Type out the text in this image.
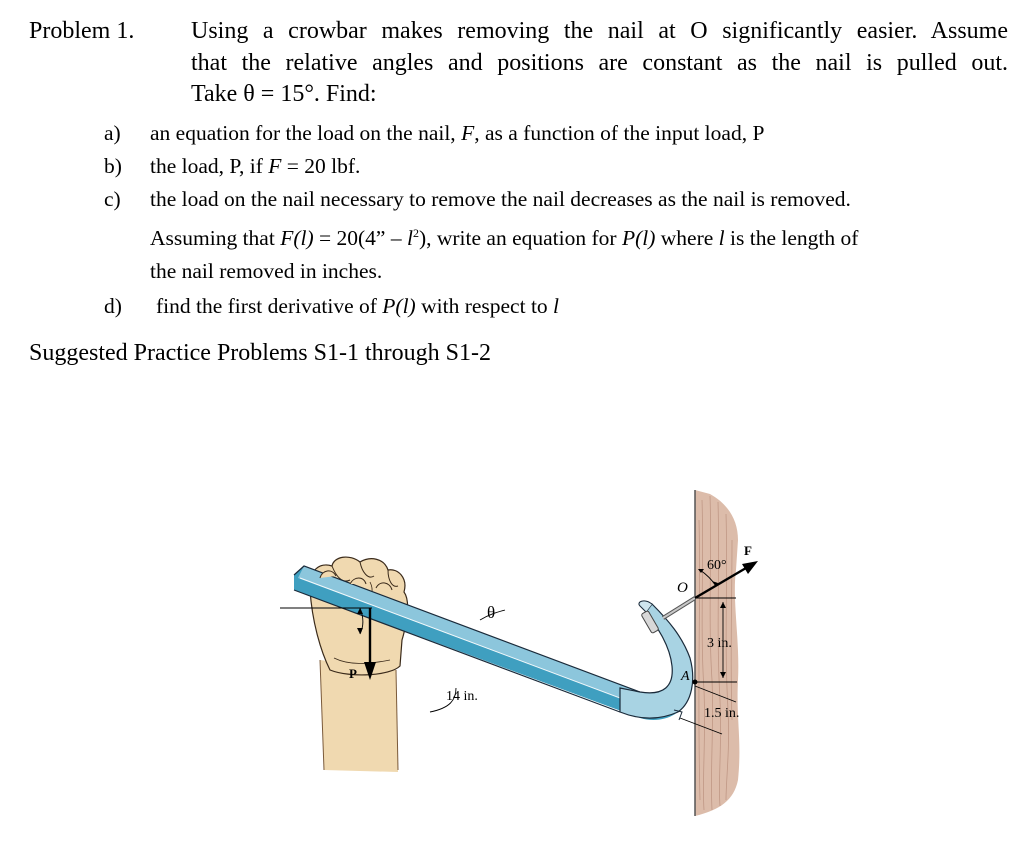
Problem 1. Using a crowbar makes removing the nail at O significantly easier. Assume
that the relative angles and positions are constant as the nail is pulled out.
Take θ = 15°. Find:
a) an equation for the load on the nail, F, as a function of the input load, P
b) the load, P, if F = 20 lbf.
c) the load on the nail necessary to remove the nail decreases as the nail is removed.
Assuming that F(l) = 20(4” – $l^2$), write an equation for P(l) where l is the length of
the nail removed in inches.
d) find the first derivative of P(l) with respect to l
Suggested Practice Problems S1-1 through S1-2
θ
14 in.
P
O
A
F
60°
3 in.
1.5 in.
